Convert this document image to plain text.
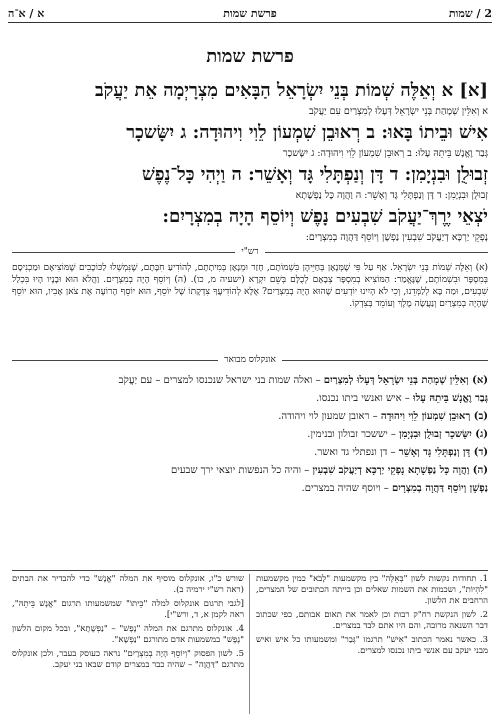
2 / שמות
א / א־ה	פרשת שמות
פרשת שמות
[א] א וְאֵלֶּה שְׁמוֹת בְּנֵי יִשְׂרָאֵל הַבָּאִים מִצְרָיְמָה אֵת יַעֲקֹב
א וְאִלֵּין שְׁמָהַת בְּנֵי יִשְׂרָאֵל דְּעָלוּ לְמִצְרַיִם עִם יַעֲקֹב
אִישׁ וּבֵיתוֹ בָּאוּ: ב רְאוּבֵן שִׁמְעוֹן לֵוִי וִיהוּדָה: ג יִשָּׂשכָר
גְּבַר וֶאֱנָשׁ בֵּיתֵהּ עָלוּ: ב רְאוּבֵן שִׁמְעוֹן לֵוִי וִיהוּדָה: ג יִשָּׂשכָר
זְבוּלֻן וּבִנְיָמִן: ד דָּן וְנַפְתָּלִי גָּד וְאָשֵׁר: ה וַיְהִי כָּל־נֶפֶשׁ
זְבוּלֻן וּבִנְיָמִן: ד דָּן וְנַפְתָּלִי גָּד וְאָשֵׁר: ה וַהֲוָה כָּל נַפְשָׁתָא
יֹצְאֵי יֶרֶךְ־יַעֲקֹב שִׁבְעִים נָפֶשׁ וְיוֹסֵף הָיָה בְמִצְרָיִם:
נָפְקֵי יַרְכָּא דְיַעֲקֹב שִׁבְעִין נַפְשָׁן וְיוֹסֵף דַּהֲוָה בְמִצְרָיִם:
רש"י
(א) וְאֵלֶּה שְׁמוֹת בְּנֵי יִשְׂרָאֵל. אַף עַל פִּי שֶׁמְּנָאָן בְּחַיֵּיהֶן בִּשְׁמוֹתָם, חָזַר וּמְנָאָן בְּמִיתָתָם, לְהוֹדִיעַ חִבָּתָם, שֶׁנִּמְשְׁלוּ לַכּוֹכָבִים שֶׁמּוֹצִיאָם וּמַכְנִיסָם בְּמִסְפָּר וּבִשְׁמוֹתָם, שֶׁנֶּאֱמַר: הַמּוֹצִיא בְמִסְפָּר צְבָאָם לְכֻלָּם בְּשֵׁם יִקְרָא (ישעיה מ, כו). (ה) וְיוֹסֵף הָיָה בְמִצְרָיִם. וַהֲלֹא הוּא וּבָנָיו הָיוּ בִּכְלַל שִׁבְעִים, וּמַה בָּא לְלַמְּדֵנוּ, וְכִי לֹא הָיִינוּ יוֹדְעִים שֶׁהוּא הָיָה בְמִצְרַיִם? אֶלָּא לְהוֹדִיעֲךָ צִדְקָתוֹ שֶׁל יוֹסֵף, הוּא יוֹסֵף הָרוֹעֶה אֶת צֹאן אָבִיו, הוּא יוֹסֵף שֶׁהָיָה בְמִצְרַיִם וְנַעֲשָׂה מֶלֶךְ וְעוֹמֵד בְּצִדְקוֹ.
אונקלוס מבואר
(א) וְאִלֵּין שְׁמָהַת בְּנֵי יִשְׂרָאֵל דְּעָלוּ לְמִצְרַיִם – ואלה שמות בני ישראל שנכנסו למצרים – עם יַעֲקֹב
גְּבַר וֶאֱנָשׁ בֵּיתֵהּ עָלוּ – איש ואנשי ביתו נכנסו.
(ב) רְאוּבֵן שִׁמְעוֹן לֵוִי וִיהוּדָה – ראובן שמעון לוי ויהודה.
(ג) יִשָּׂשכָר זְבוּלֻן וּבִנְיָמִן – יששכר זבולון ובנימין.
(ד) דָּן וְנַפְתָּלִי גָּד וְאָשֵׁר – דן ונפתלי גד ואשר.
(ה) וַהֲוָה כָּל נַפְשָׁתָא נָפְקֵי יַרְכָּא דְיַעֲקֹב שִׁבְעִין – והיה כל הנפשות יוצאי ירך שבעים
נַפְשָׁן וְיוֹסֵף דַּהֲוָה בְמִצְרָיִם – ויוסף שהיה במצרים.

1. תחודות נקשות לשון "בְּאֵלֶּה" בין מקשמעות "לָבֹא" כמין מקשמעות "לִהְיוֹת", ושכמות את השמות שאלים וכן בייתה הכתובים של המצרים, הרחבים את הלשון.

2. לשון הנקשת רח"ק רבות וכן לאמר את תאום אבותם, כפי שכתוב דבר השנאה מרובה, והם היו אתם לבד במצרים.

3. כאשר נאמר הכתוב "אִישׁ" תרגמו "גְּבַר" ומשמעותו כל איש ואיש מבני יעקב עם אנשי ביתו נכנסו למצרים.

שורש כ"ו, אונקלוס מוסיף את המלה "אֱנָשׁ" כדי להבדיר את הבתים (ראה רש"י ירמיה ב).

[לגבי תרגום אונקלוס למלה "בֵּיתוֹ" שמשמעותו תרגום "אֱנָשׁ בֵּיתֵהּ", ראה לקמן א, ד, ורש"י].

4. אונקלוס מתרגם את המלה "נֶפֶשׁ" – "נַפְשָׁתָא", ובכל מקום הלשון "נֶפֶשׁ" במשמעות אדם מתורגם "נַפְשָׁא".

5. לשון הפסוק "וְיוֹסֵף הָיָה בְמִצְרָיִם" נראה כעוסק בעבר, ולכן אונקלוס מתרגם "דַּהֲוָה" – שהיה כבר במצרים קודם שבאו בני יעקב.
